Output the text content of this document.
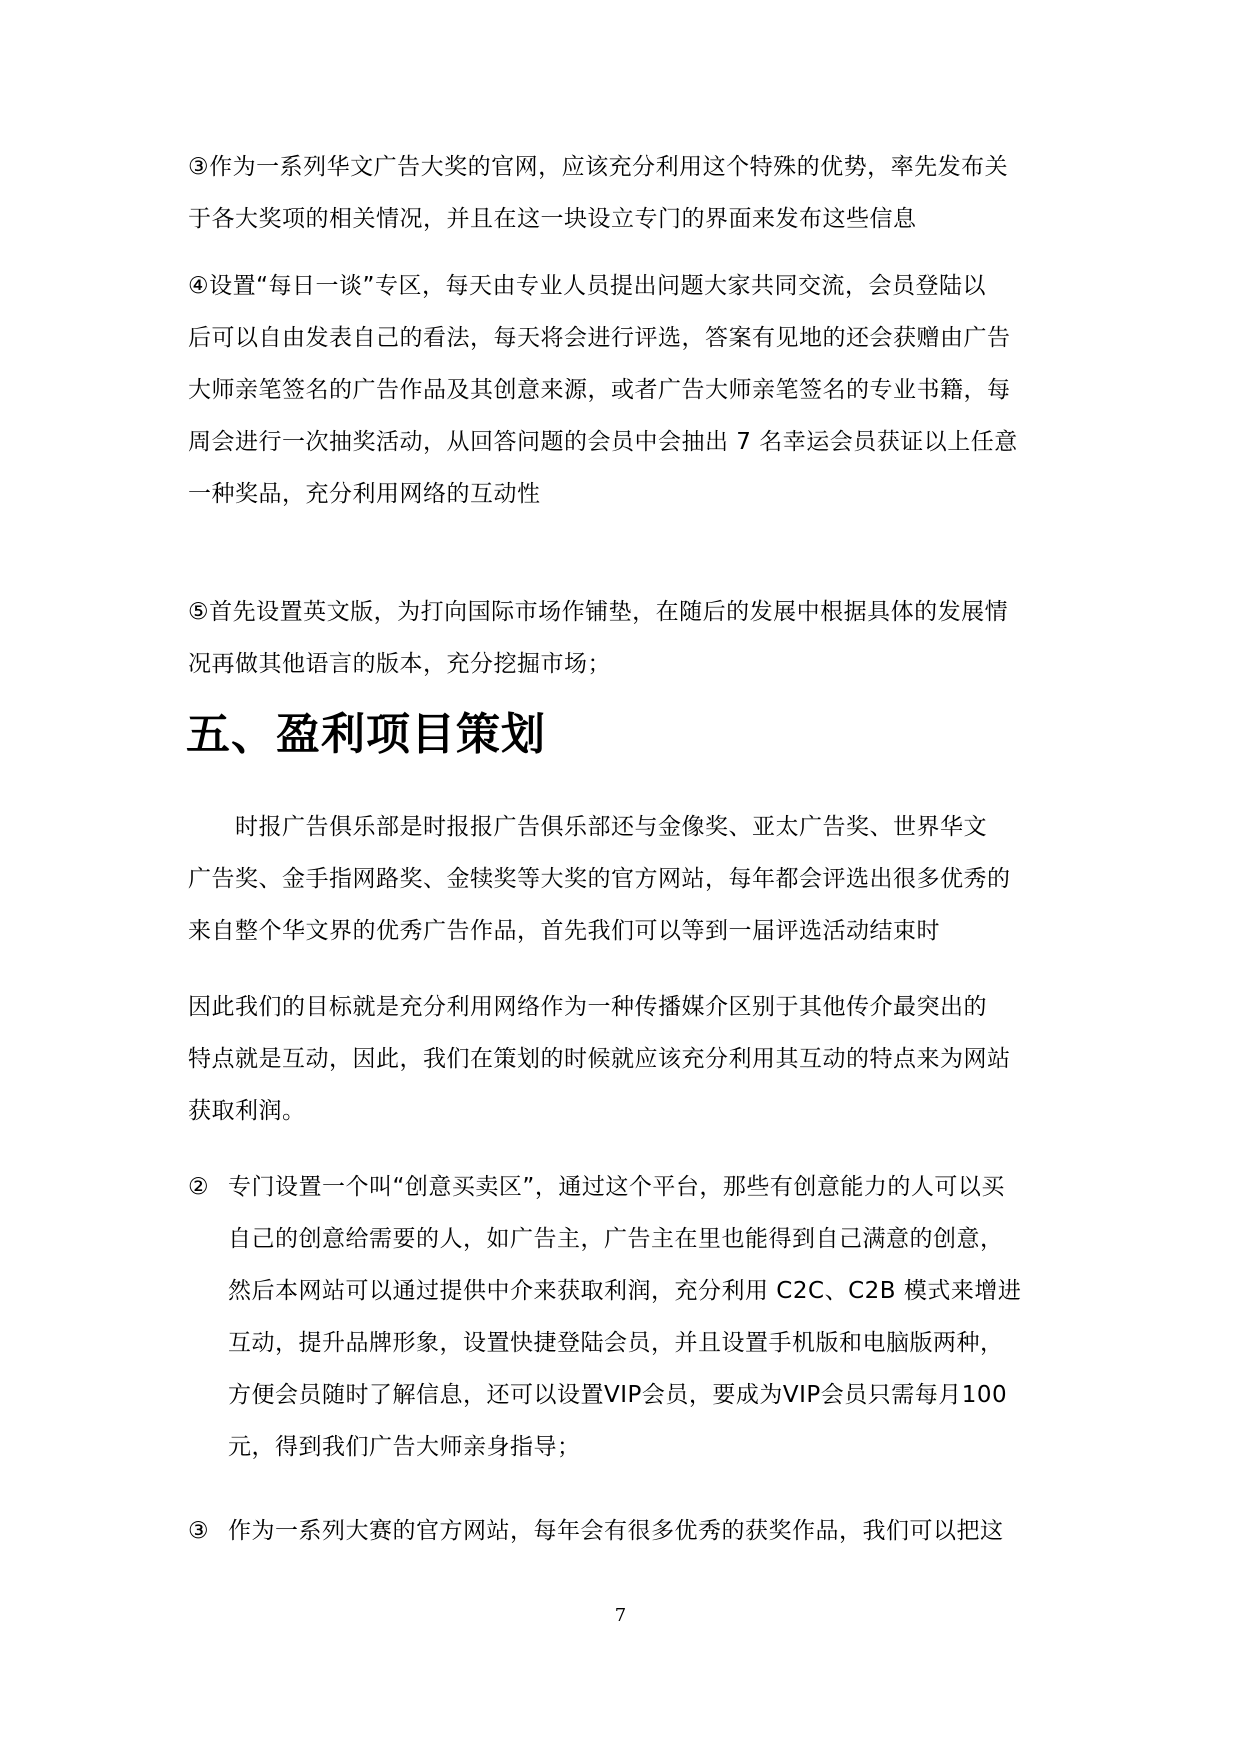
③作为一系列华文广告大奖的官网，应该充分利用这个特殊的优势，率先发布关
于各大奖项的相关情况，并且在这一块设立专门的界面来发布这些信息
④设置“每日一谈”专区，每天由专业人员提出问题大家共同交流，会员登陆以
后可以自由发表自己的看法，每天将会进行评选，答案有见地的还会获赠由广告
大师亲笔签名的广告作品及其创意来源，或者广告大师亲笔签名的专业书籍，每
周会进行一次抽奖活动，从回答问题的会员中会抽出 7 名幸运会员获证以上任意
一种奖品，充分利用网络的互动性
⑤首先设置英文版，为打向国际市场作铺垫，在随后的发展中根据具体的发展情
况再做其他语言的版本，充分挖掘市场；
五、盈利项目策划
　　时报广告俱乐部是时报报广告俱乐部还与金像奖、亚太广告奖、世界华文
广告奖、金手指网路奖、金犊奖等大奖的官方网站，每年都会评选出很多优秀的
来自整个华文界的优秀广告作品，首先我们可以等到一届评选活动结束时
因此我们的目标就是充分利用网络作为一种传播媒介区别于其他传介最突出的
特点就是互动，因此，我们在策划的时候就应该充分利用其互动的特点来为网站
获取利润。
② 专门设置一个叫“创意买卖区”，通过这个平台，那些有创意能力的人可以买
自己的创意给需要的人，如广告主，广告主在里也能得到自己满意的创意，
然后本网站可以通过提供中介来获取利润，充分利用 C2C、C2B 模式来增进
互动，提升品牌形象，设置快捷登陆会员，并且设置手机版和电脑版两种，
方便会员随时了解信息，还可以设置VIP会员，要成为VIP会员只需每月100
元，得到我们广告大师亲身指导；
③ 作为一系列大赛的官方网站，每年会有很多优秀的获奖作品，我们可以把这
7
